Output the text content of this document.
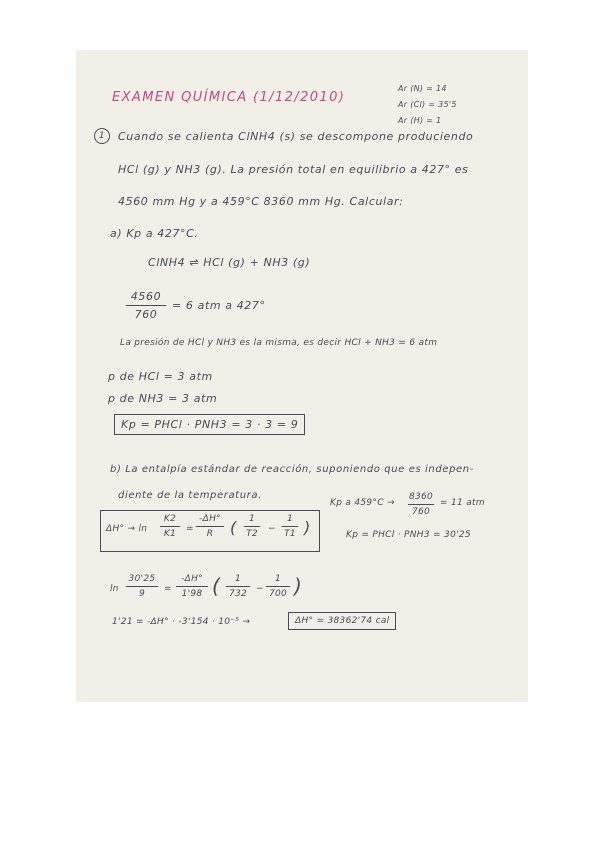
EXAMEN QUÍMICA (1/12/2010)
Ar (N) = 14
Ar (Cl) = 35'5
Ar (H) = 1
1	Cuando se calienta ClNH4 (s) se descompone produciendo
HCl (g) y NH3 (g). La presión total en equilibrio a 427° es
4560 mm Hg y a 459°C 8360 mm Hg. Calcular:
a) Kp a 427°C.
ClNH4 ⇌ HCl (g) + NH3 (g)
4560
760
= 6 atm a 427°
La presión de HCl y NH3 es la misma, es decir HCl + NH3 = 6 atm
p de HCl = 3 atm
p de NH3 = 3 atm
Kp = PHCl · PNH3 = 3 · 3 = 9
b) La entalpía estándar de reacción, suponiendo que es indepen-
diente de la temperatura.
Kp a 459°C →
8360
760
= 11 atm
Kp = PHCl · PNH3 = 30'25
ΔH° → ln
K2
K1	=
-ΔH°
R	(	1
T2 −
1
T1 )
ln
30'25
9	=
-ΔH°
1'98 (	1
732 −
1
700 )
1'21 = -ΔH° · -3'154 · 10⁻⁵ →	ΔH° = 38362'74 cal
